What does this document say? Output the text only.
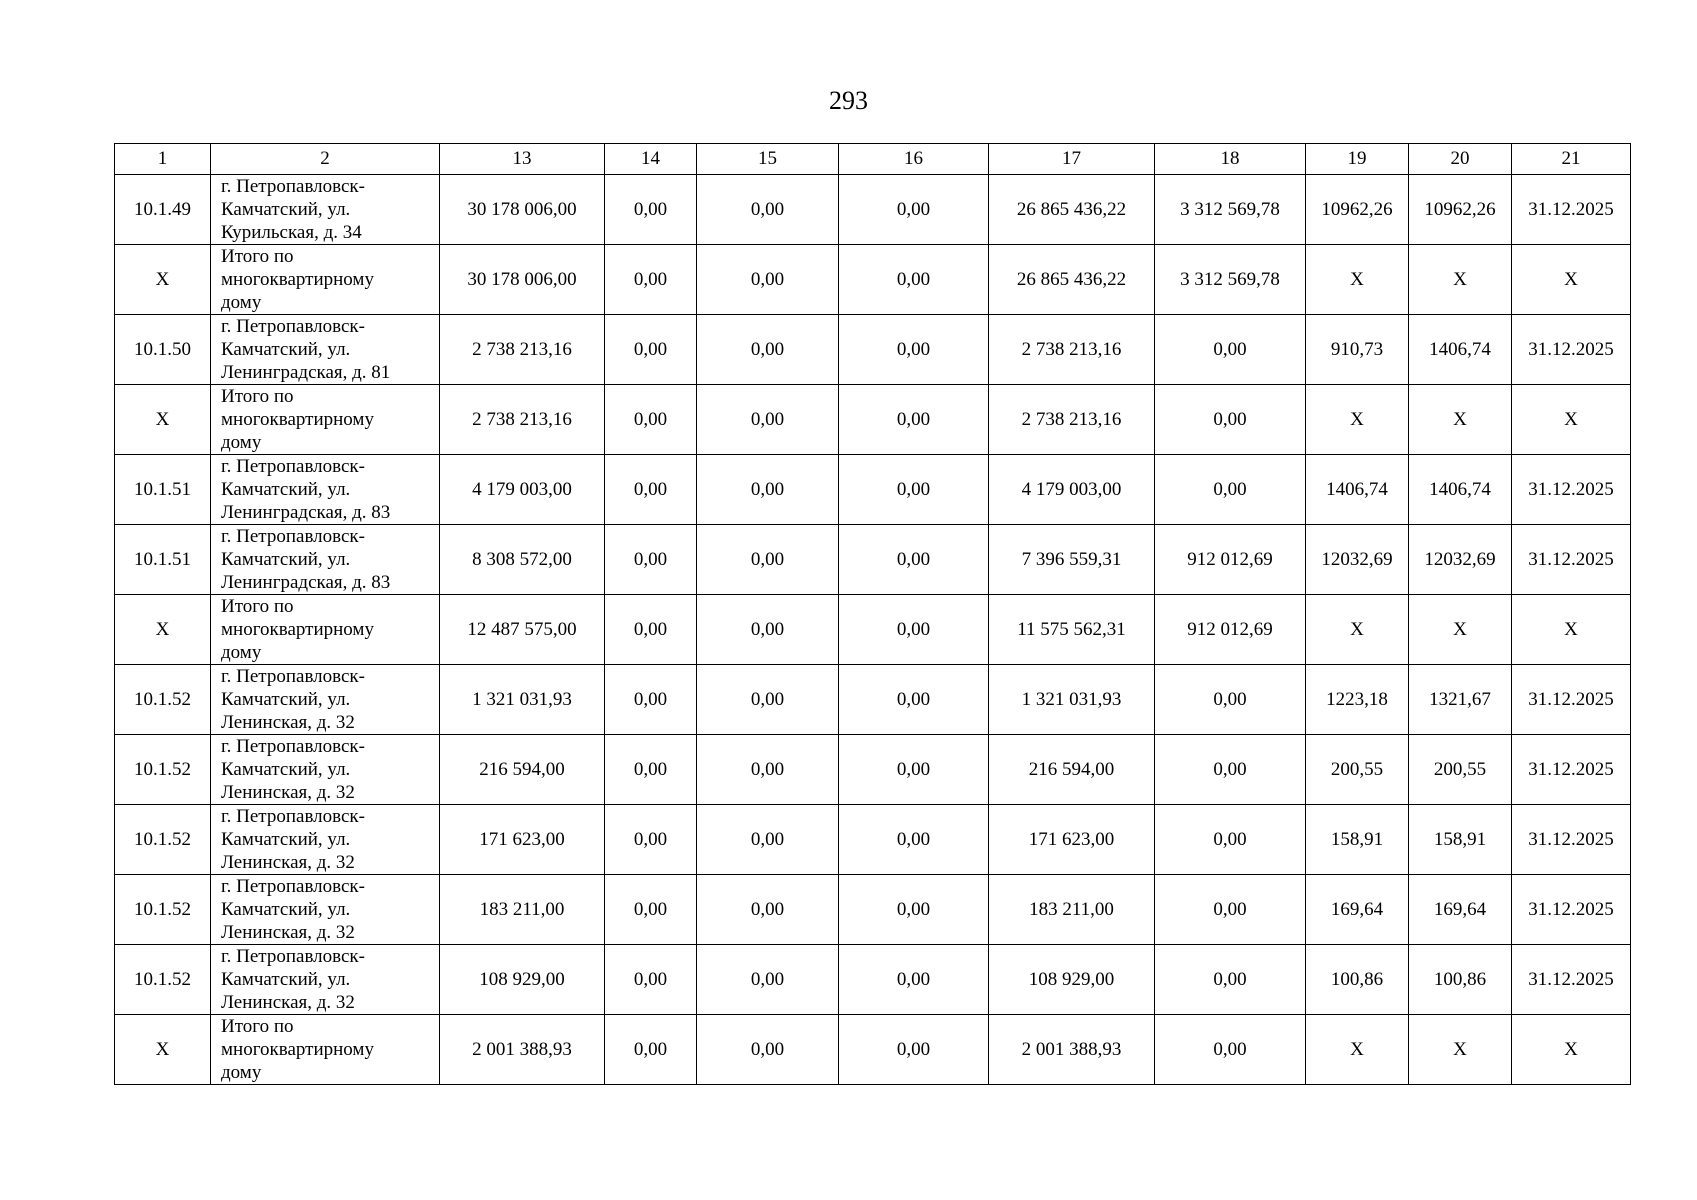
293
1	2	13	14	15	16	17	18	19	20	21
10.1.49	г. Петропавловск-
Камчатский, ул.
Курильская, д. 34	30 178 006,00	0,00	0,00	0,00	26 865 436,22	3 312 569,78	10962,26	10962,26	31.12.2025
X	Итого по
многоквартирному
дому	30 178 006,00	0,00	0,00	0,00	26 865 436,22	3 312 569,78	X	X	X
10.1.50	г. Петропавловск-
Камчатский, ул.
Ленинградская, д. 81	2 738 213,16	0,00	0,00	0,00	2 738 213,16	0,00	910,73	1406,74	31.12.2025
X	Итого по
многоквартирному
дому	2 738 213,16	0,00	0,00	0,00	2 738 213,16	0,00	X	X	X
10.1.51	г. Петропавловск-
Камчатский, ул.
Ленинградская, д. 83	4 179 003,00	0,00	0,00	0,00	4 179 003,00	0,00	1406,74	1406,74	31.12.2025
10.1.51	г. Петропавловск-
Камчатский, ул.
Ленинградская, д. 83	8 308 572,00	0,00	0,00	0,00	7 396 559,31	912 012,69	12032,69	12032,69	31.12.2025
X	Итого по
многоквартирному
дому	12 487 575,00	0,00	0,00	0,00	11 575 562,31	912 012,69	X	X	X
10.1.52	г. Петропавловск-
Камчатский, ул.
Ленинская, д. 32	1 321 031,93	0,00	0,00	0,00	1 321 031,93	0,00	1223,18	1321,67	31.12.2025
10.1.52	г. Петропавловск-
Камчатский, ул.
Ленинская, д. 32	216 594,00	0,00	0,00	0,00	216 594,00	0,00	200,55	200,55	31.12.2025
10.1.52	г. Петропавловск-
Камчатский, ул.
Ленинская, д. 32	171 623,00	0,00	0,00	0,00	171 623,00	0,00	158,91	158,91	31.12.2025
10.1.52	г. Петропавловск-
Камчатский, ул.
Ленинская, д. 32	183 211,00	0,00	0,00	0,00	183 211,00	0,00	169,64	169,64	31.12.2025
10.1.52	г. Петропавловск-
Камчатский, ул.
Ленинская, д. 32	108 929,00	0,00	0,00	0,00	108 929,00	0,00	100,86	100,86	31.12.2025
X	Итого по
многоквартирному
дому	2 001 388,93	0,00	0,00	0,00	2 001 388,93	0,00	X	X	X
